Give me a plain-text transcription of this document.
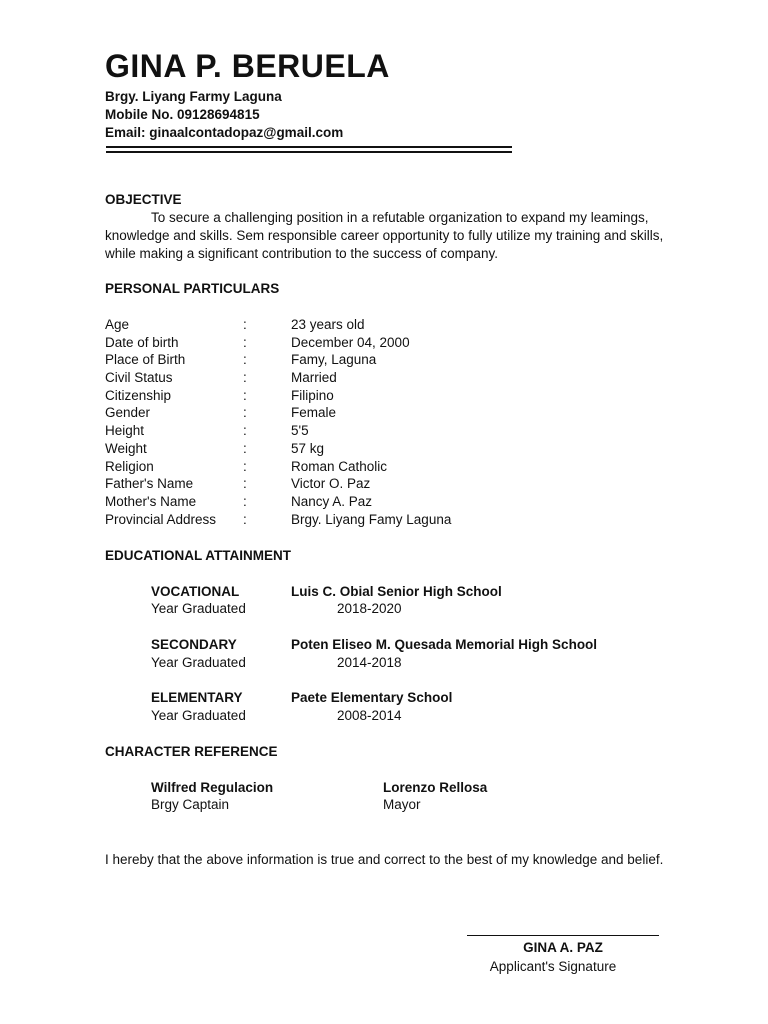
GINA P. BERUELA
Brgy. Liyang Farmy Laguna
Mobile No. 09128694815
Email: ginaalcontadopaz@gmail.com
OBJECTIVE
To secure a challenging position in a refutable organization to expand my leamings, knowledge and skills. Sem responsible career opportunity to fully utilize my training and skills, while making a significant contribution to the success of company.
PERSONAL PARTICULARS
Age	:	23 years old
Date of birth	:	December 04, 2000
Place of Birth	:	Famy, Laguna
Civil Status	:	Married
Citizenship	:	Filipino
Gender	:	Female
Height	:	5'5
Weight	:	57 kg
Religion	:	Roman Catholic
Father's Name	:	Victor O. Paz
Mother's Name	:	Nancy A. Paz
Provincial Address :	Brgy. Liyang Famy Laguna
EDUCATIONAL ATTAINMENT
VOCATIONAL	Luis C. Obial Senior High School
Year Graduated	2018-2020
SECONDARY	Poten Eliseo M. Quesada Memorial High School
Year Graduated	2014-2018
ELEMENTARY	Paete Elementary School
Year Graduated	2008-2014
CHARACTER REFERENCE
Wilfred Regulacion
Brgy Captain
Lorenzo Rellosa
Mayor
I hereby that the above information is true and correct to the best of my knowledge and belief.
GINA A. PAZ
Applicant's Signature
